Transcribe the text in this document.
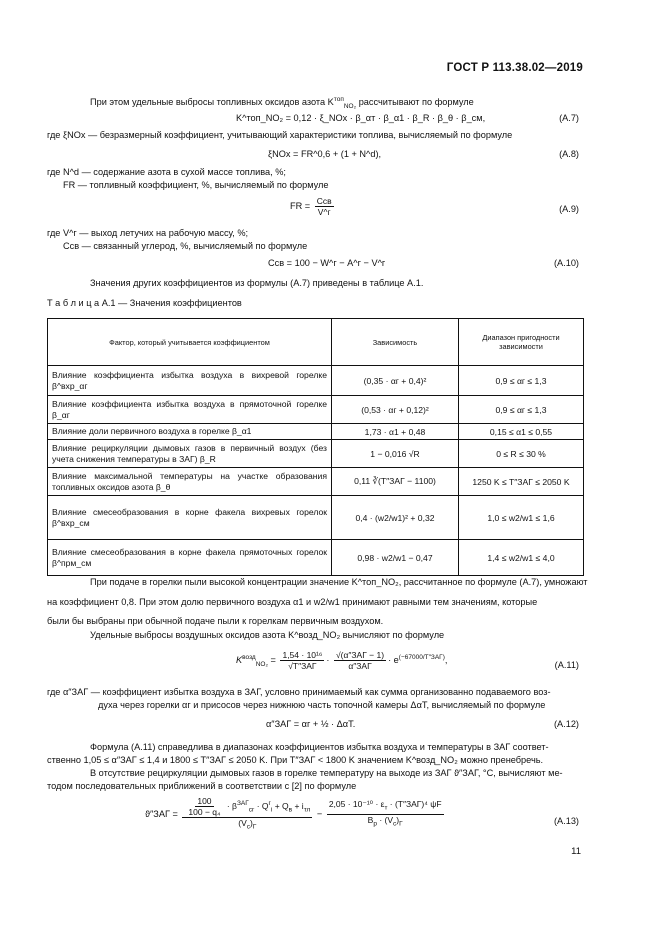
ГОСТ Р 113.38.02—2019
При этом удельные выбросы топливных оксидов азота $K^{топ}_{NO_2}$ рассчитывают по формуле
K^топ_NO₂ = 0,12 · ξ_NOx · β_αт · β_α1 · β_R · β_θ · β_см,	(A.7)
где ξNOx — безразмерный коэффициент, учитывающий характеристики топлива, вычисляемый по формуле
ξNOx = FR^0,6 + (1 + N^d),	(A.8)
где N^d — содержание азота в сухой массе топлива, %;
FR — топливный коэффициент, %, вычисляемый по формуле
FR = $\frac{\text{Cсв}}{V\^{}г}$	(A.9)
где V^г — выход летучих на рабочую массу, %;
Cсв — связанный углерод, %, вычисляемый по формуле
Cсв = 100 − W^г − A^г − V^г	(A.10)
Значения других коэффициентов из формулы (A.7) приведены в таблице A.1.
Т а б л и ц а A.1 — Значения коэффициентов
Фактор, который учитывается коэффициентом	Зависимость	Диапазон пригодности зависимости
Влияние коэффициента избытка воздуха в вихревой горелке β^вхр_αг	(0,35 · αг + 0,4)²	0,9 ≤ αг ≤ 1,3
Влияние коэффициента избытка воздуха в прямоточной горелке β_αг	(0,53 · αг + 0,12)²	0,9 ≤ αг ≤ 1,3
Влияние доли первичного воздуха в горелке β_α1	1,73 · α1 + 0,48	0,15 ≤ α1 ≤ 0,55
Влияние рециркуляции дымовых газов в первичный воздух (без учета снижения температуры в ЗАГ) β_R	1 − 0,016 √R	0 ≤ R ≤ 30 %
Влияние максимальной температуры на участке образования топливных оксидов азота β_θ	0,11 ∛(T″ЗАГ − 1100)	1250 K ≤ T″ЗАГ ≤ 2050 K
Влияние смесеобразования в корне факела вихревых горелок β^вхр_см	0,4 · (w2/w1)² + 0,32	1,0 ≤ w2/w1 ≤ 1,6
Влияние смесеобразования в корне факела прямоточных горелок β^прм_см	0,98 · w2/w1 − 0,47	1,4 ≤ w2/w1 ≤ 4,0
При подаче в горелки пыли высокой концентрации значение K^топ_NO₂, рассчитанное по формуле (A.7), умножают
на коэффициент 0,8. При этом долю первичного воздуха α1 и w2/w1 принимают равными тем значениям, которые
были бы выбраны при обычной подаче пыли к горелкам первичным воздухом.
Удельные выбросы воздушных оксидов азота K^возд_NO₂ вычисляют по формуле
$K^{возд}_{NO_2} = \frac{\text{1,54 · 10¹⁶}}{\text{√T″ЗАГ}} \cdot \frac{\text{√(α″ЗАГ − 1)}}{\text{α″ЗАГ}} \cdot e^{(-67000/T''ЗАГ)}$,
(A.11)
где α″ЗАГ — коэффициент избытка воздуха в ЗАГ, условно принимаемый как сумма организованно подаваемого воз-
духа через горелки αг и присосов через нижнюю часть топочной камеры ΔαТ, вычисляемый по формуле
α″ЗАГ = αг + ½ · ΔαТ.	(A.12)
Формула (A.11) справедлива в диапазонах коэффициентов избытка воздуха и температуры в ЗАГ соответ-
ственно 1,05 ≤ α″ЗАГ ≤ 1,4 и 1800 ≤ T″ЗАГ ≤ 2050 K. При T″ЗАГ < 1800 K значением K^возд_NO₂ можно пренебречь.
В отсутствие рециркуляции дымовых газов в горелке температуру на выходе из ЗАГ ϑ″ЗАГ, °C, вычисляют ме-
тодом последовательных приближений в соответствии с [2] по формуле
$ϑ''ЗАГ = \frac{\frac{100}{\text{100 − q₄}} \cdot \beta^{ЗАГ}_{сг} \cdot Q^г_i + Q_в + i_{тл}}{(V_c)_Г} - \frac{2,05 \cdot 10^{-10} \cdot \varepsilon_т \cdot (T''ЗАГ)^4 \psi F}{B_р \cdot (V_c)_Г}$	(A.13)
11
